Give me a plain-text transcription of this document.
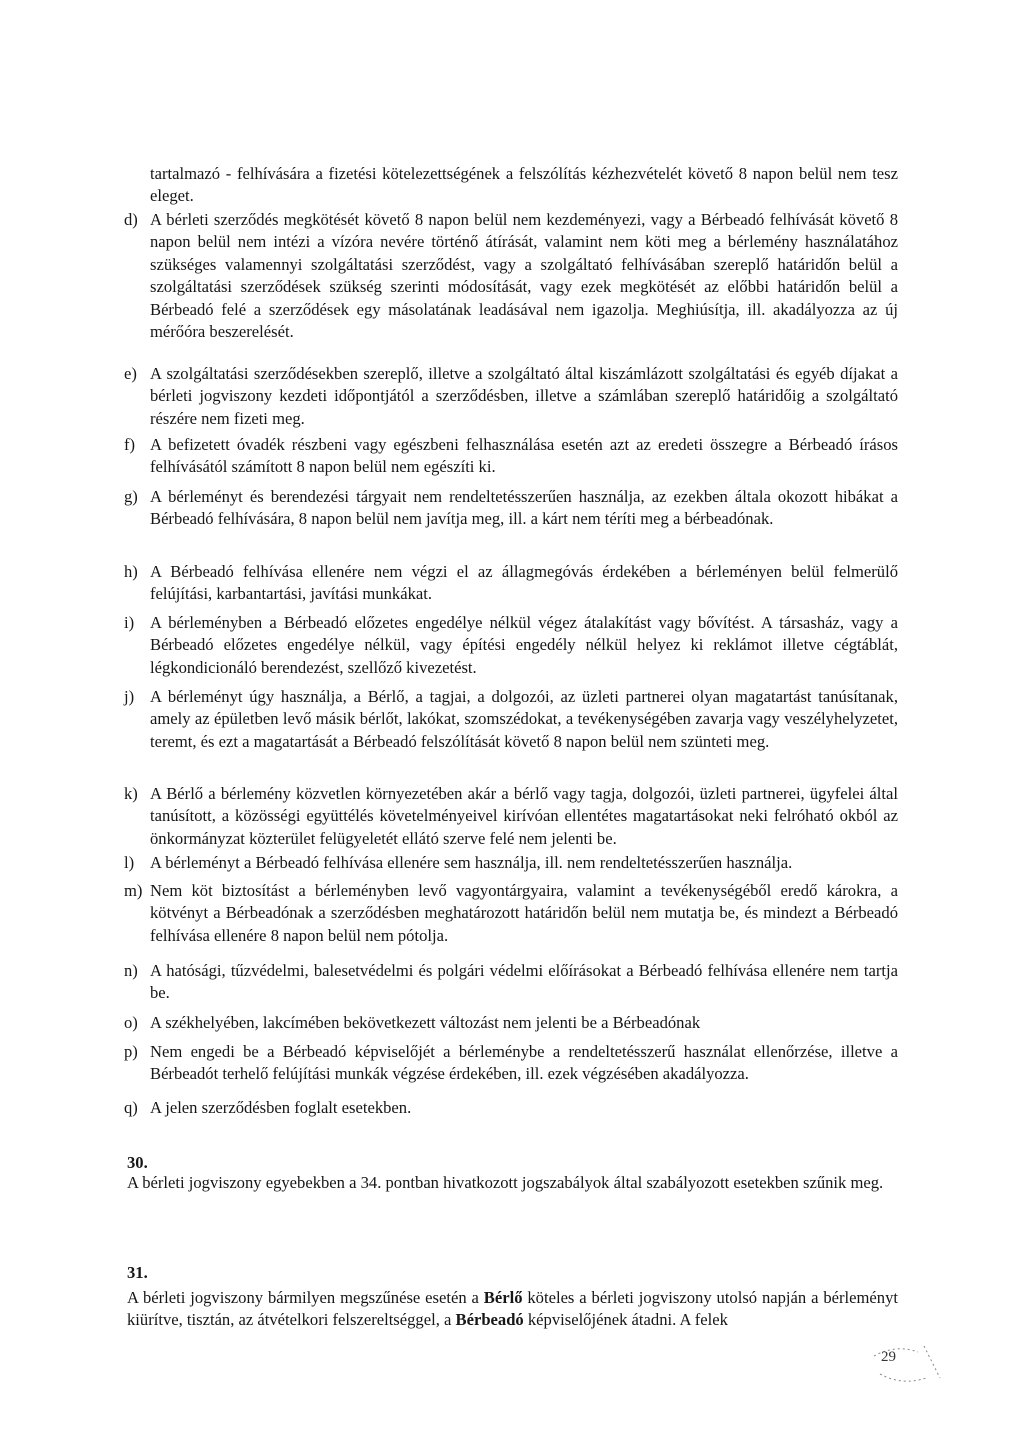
tartalmazó - felhívására a fizetési kötelezettségének a felszólítás kézhezvételét követő 8 napon belül nem tesz eleget.

d) A bérleti szerződés megkötését követő 8 napon belül nem kezdeményezi, vagy a Bérbeadó felhívását követő 8 napon belül nem intézi a vízóra nevére történő átírását, valamint nem köti meg a bérlemény használatához szükséges valamennyi szolgáltatási szerződést, vagy a szolgáltató felhívásában szereplő határidőn belül a szolgáltatási szerződések szükség szerinti módosítását, vagy ezek megkötését az előbbi határidőn belül a Bérbeadó felé a szerződések egy másolatának leadásával nem igazolja. Meghiúsítja, ill. akadályozza az új mérőóra beszerelését.
e) A szolgáltatási szerződésekben szereplő, illetve a szolgáltató által kiszámlázott szolgáltatási és egyéb díjakat a bérleti jogviszony kezdeti időpontjától a szerződésben, illetve a számlában szereplő határidőig a szolgáltató részére nem fizeti meg.
f) A befizetett óvadék részbeni vagy egészbeni felhasználása esetén azt az eredeti összegre a Bérbeadó írásos felhívásától számított 8 napon belül nem egészíti ki.
g) A bérleményt és berendezési tárgyait nem rendeltetésszerűen használja, az ezekben általa okozott hibákat a Bérbeadó felhívására, 8 napon belül nem javítja meg, ill. a kárt nem téríti meg a bérbeadónak.
h) A Bérbeadó felhívása ellenére nem végzi el az állagmegóvás érdekében a bérleményen belül felmerülő felújítási, karbantartási, javítási munkákat.
i) A bérleményben a Bérbeadó előzetes engedélye nélkül végez átalakítást vagy bővítést. A társasház, vagy a Bérbeadó előzetes engedélye nélkül, vagy építési engedély nélkül helyez ki reklámot illetve cégtáblát, légkondicionáló berendezést, szellőző kivezetést.
j) A bérleményt úgy használja, a Bérlő, a tagjai, a dolgozói, az üzleti partnerei olyan magatartást tanúsítanak, amely az épületben levő másik bérlőt, lakókat, szomszédokat, a tevékenységében zavarja vagy veszélyhelyzetet, teremt, és ezt a magatartását a Bérbeadó felszólítását követő 8 napon belül nem szünteti meg.
k) A Bérlő a bérlemény közvetlen környezetében akár a bérlő vagy tagja, dolgozói, üzleti partnerei, ügyfelei által tanúsított, a közösségi együttélés követelményeivel kirívóan ellentétes magatartásokat neki felróható okból az önkormányzat közterület felügyeletét ellátó szerve felé nem jelenti be.
l) A bérleményt a Bérbeadó felhívása ellenére sem használja, ill. nem rendeltetésszerűen használja.
m) Nem köt biztosítást a bérleményben levő vagyontárgyaira, valamint a tevékenységéből eredő károkra, a kötvényt a Bérbeadónak a szerződésben meghatározott határidőn belül nem mutatja be, és mindezt a Bérbeadó felhívása ellenére 8 napon belül nem pótolja.
n) A hatósági, tűzvédelmi, balesetvédelmi és polgári védelmi előírásokat a Bérbeadó felhívása ellenére nem tartja be.
o) A székhelyében, lakcímében bekövetkezett változást nem jelenti be a Bérbeadónak
p) Nem engedi be a Bérbeadó képviselőjét a bérleménybe a rendeltetésszerű használat ellenőrzése, illetve a Bérbeadót terhelő felújítási munkák végzése érdekében, ill. ezek végzésében akadályozza.
q) A jelen szerződésben foglalt esetekben.

30.

A bérleti jogviszony egyebekben a 34. pontban hivatkozott jogszabályok által szabályozott esetekben szűnik meg.

31.

A bérleti jogviszony bármilyen megszűnése esetén a Bérlő köteles a bérleti jogviszony utolsó napján a bérleményt kiürítve, tisztán, az átvételkori felszereltséggel, a Bérbeadó képviselőjének átadni. A felek

29
